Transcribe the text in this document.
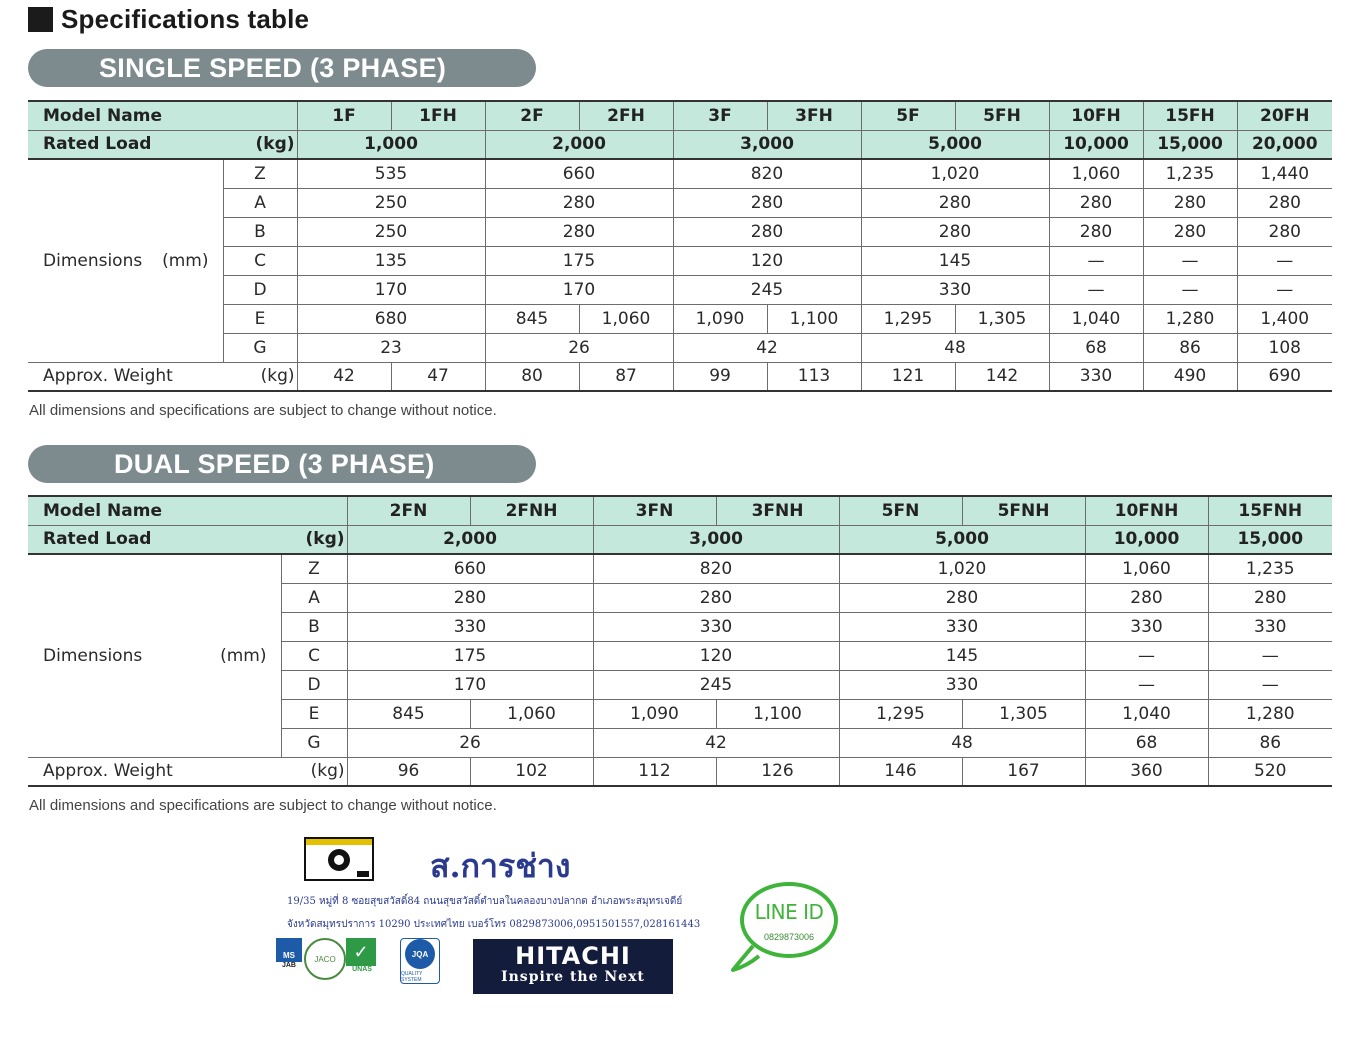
Specifications table
SINGLE SPEED (3 PHASE)
Model Name		1F	1FH	2F	2FH	3F	3FH	5F	5FH	10FH	15FH	20FH

Rated Load (kg)		1,000		2,000		3,000		5,000		10,000	15,000	20,000

Dimensions (mm)	Z	535		660		820		1,020		1,060	1,235	1,440
	A	250		280		280		280		280	280	280
	B	250		280		280		280		280	280	280
	C	135		175		120		145		—	—	—
	D	170		170		245		330		—	—	—
	E	680		845	1,060	1,090	1,100	1,295	1,305	1,040	1,280	1,400
	G	23		26		42		48		68	86	108

Approx. Weight (kg)		42	47	80	87	99	113	121	142	330	490	690
All dimensions and specifications are subject to change without notice.
DUAL SPEED (3 PHASE)
Model Name		2FN	2FNH	3FN	3FNH	5FN	5FNH	10FNH	15FNH

Rated Load (kg)		2,000		3,000		5,000		10,000	15,000

Dimensions (mm)	Z	660		820		1,020		1,060	1,235
	A	280		280		280		280	280
	B	330		330		330		330	330
	C	175		120		145		—	—
	D	170		245		330		—	—
	E	845	1,060	1,090	1,100	1,295	1,305	1,040	1,280
	G	26		42		48		68	86

Approx. Weight (kg)		96	102	112	126	146	167	360	520
All dimensions and specifications are subject to change without notice.
ส.การช่าง
19/35 หมู่ที่ 8 ซอยสุขสวัสดิ์84 ถนนสุขสวัสดิ์ตำบลในคลองบางปลากด อำเภอพระสมุทรเจดีย์
จังหวัดสมุทรปราการ 10290 ประเทศไทย เบอร์โทร 0829873006,0951501557,028161443
MS
JAB
JACO ✓
UNAS
JQA
QUALITY SYSTEM
HITACHI
Inspire the Next
LINE ID
0829873006
